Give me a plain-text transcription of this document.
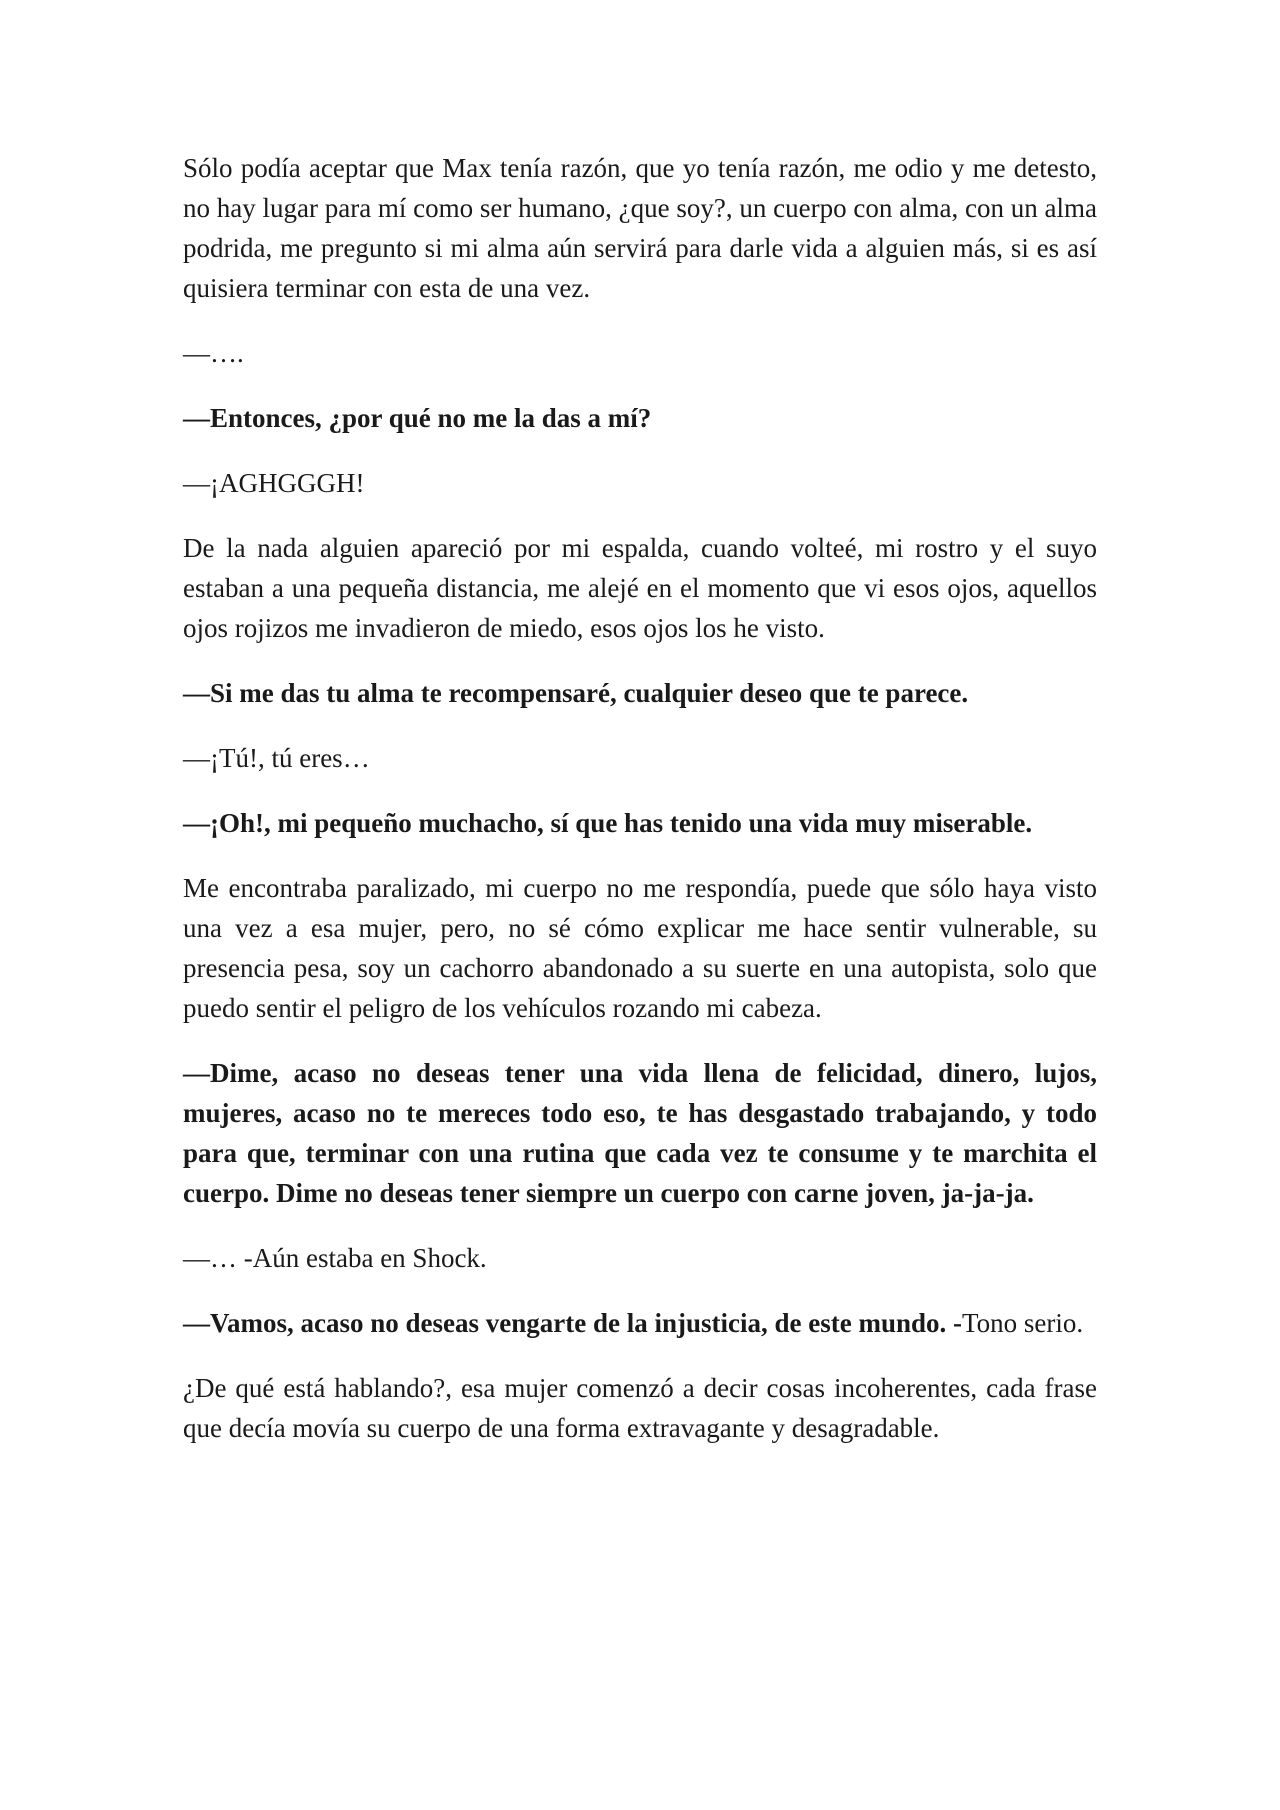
Sólo podía aceptar que Max tenía razón, que yo tenía razón, me odio y me detesto, no hay lugar para mí como ser humano, ¿que soy?, un cuerpo con alma, con un alma podrida, me pregunto si mi alma aún servirá para darle vida a alguien más, si es así quisiera terminar con esta de una vez.

—….

—Entonces, ¿por qué no me la das a mí?

—¡AGHGGGH!

De la nada alguien apareció por mi espalda, cuando volteé, mi rostro y el suyo estaban a una pequeña distancia, me alejé en el momento que vi esos ojos, aquellos ojos rojizos me invadieron de miedo, esos ojos los he visto.

—Si me das tu alma te recompensaré, cualquier deseo que te parece.

—¡Tú!, tú eres…

—¡Oh!, mi pequeño muchacho, sí que has tenido una vida muy miserable.

Me encontraba paralizado, mi cuerpo no me respondía, puede que sólo haya visto una vez a esa mujer, pero, no sé cómo explicar me hace sentir vulnerable, su presencia pesa, soy un cachorro abandonado a su suerte en una autopista, solo que puedo sentir el peligro de los vehículos rozando mi cabeza.

—Dime, acaso no deseas tener una vida llena de felicidad, dinero, lujos, mujeres, acaso no te mereces todo eso, te has desgastado trabajando, y todo para que, terminar con una rutina que cada vez te consume y te marchita el cuerpo. Dime no deseas tener siempre un cuerpo con carne joven, ja-ja-ja.

—… -Aún estaba en Shock.

—Vamos, acaso no deseas vengarte de la injusticia, de este mundo. -Tono serio.

¿De qué está hablando?, esa mujer comenzó a decir cosas incoherentes, cada frase que decía movía su cuerpo de una forma extravagante y desagradable.
